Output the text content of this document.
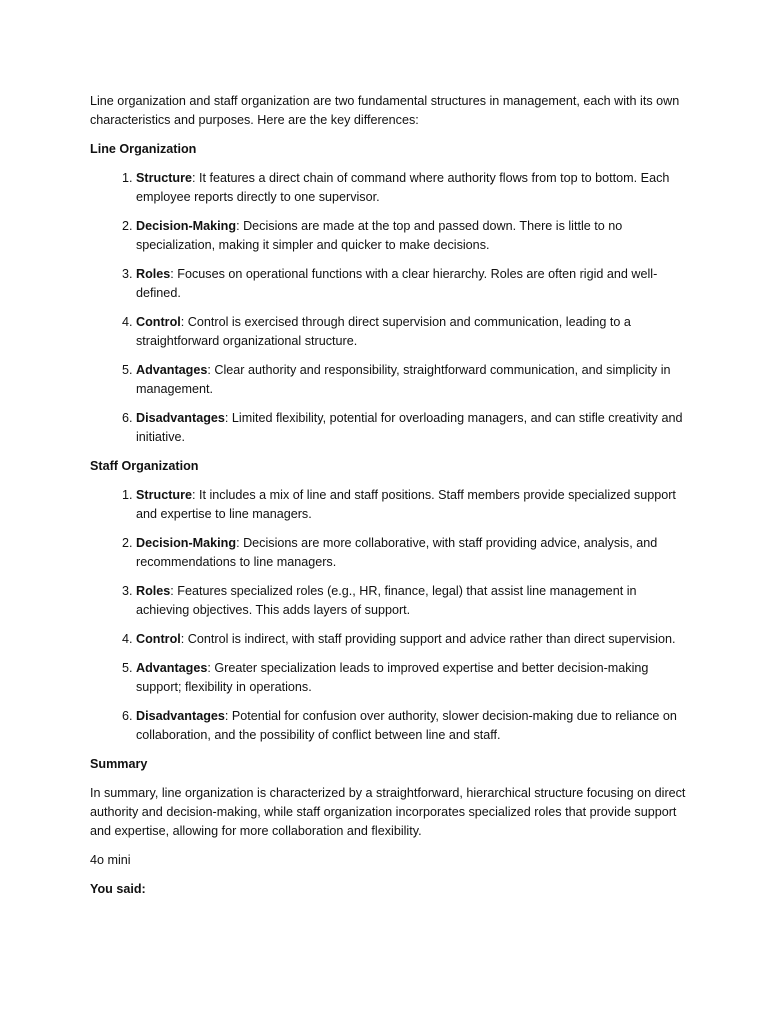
Line organization and staff organization are two fundamental structures in management, each with its own characteristics and purposes. Here are the key differences:

Line Organization

1. Structure: It features a direct chain of command where authority flows from top to bottom. Each employee reports directly to one supervisor.
2. Decision-Making: Decisions are made at the top and passed down. There is little to no specialization, making it simpler and quicker to make decisions.
3. Roles: Focuses on operational functions with a clear hierarchy. Roles are often rigid and well-defined.
4. Control: Control is exercised through direct supervision and communication, leading to a straightforward organizational structure.
5. Advantages: Clear authority and responsibility, straightforward communication, and simplicity in management.
6. Disadvantages: Limited flexibility, potential for overloading managers, and can stifle creativity and initiative.

Staff Organization

1. Structure: It includes a mix of line and staff positions. Staff members provide specialized support and expertise to line managers.
2. Decision-Making: Decisions are more collaborative, with staff providing advice, analysis, and recommendations to line managers.
3. Roles: Features specialized roles (e.g., HR, finance, legal) that assist line management in achieving objectives. This adds layers of support.
4. Control: Control is indirect, with staff providing support and advice rather than direct supervision.
5. Advantages: Greater specialization leads to improved expertise and better decision-making support; flexibility in operations.
6. Disadvantages: Potential for confusion over authority, slower decision-making due to reliance on collaboration, and the possibility of conflict between line and staff.

Summary

In summary, line organization is characterized by a straightforward, hierarchical structure focusing on direct authority and decision-making, while staff organization incorporates specialized roles that provide support and expertise, allowing for more collaboration and flexibility.

4o mini

You said:
